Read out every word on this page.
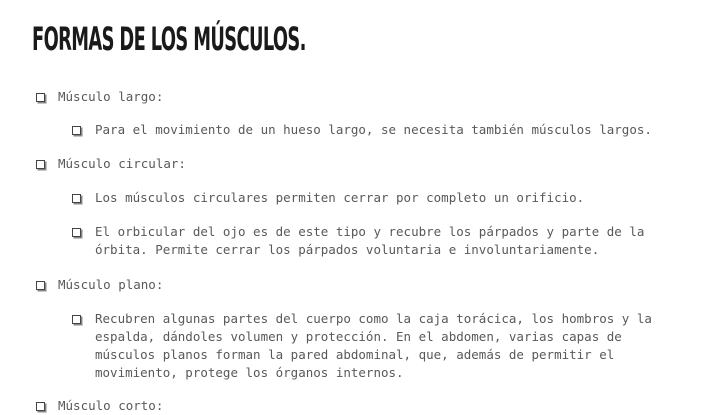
FORMAS DE LOS MÚSCULOS.
Músculo largo:
Para el movimiento de un hueso largo, se necesita también músculos largos.
Músculo circular:
Los músculos circulares permiten cerrar por completo un orificio.
El orbicular del ojo es de este tipo y recubre los párpados y parte de la órbita. Permite cerrar los párpados voluntaria e involuntariamente.
Músculo plano:
Recubren algunas partes del cuerpo como la caja torácica, los hombros y la espalda, dándoles volumen y protección. En el abdomen, varias capas de músculos planos forman la pared abdominal, que, además de permitir el movimiento, protege los órganos internos.
Músculo corto:
